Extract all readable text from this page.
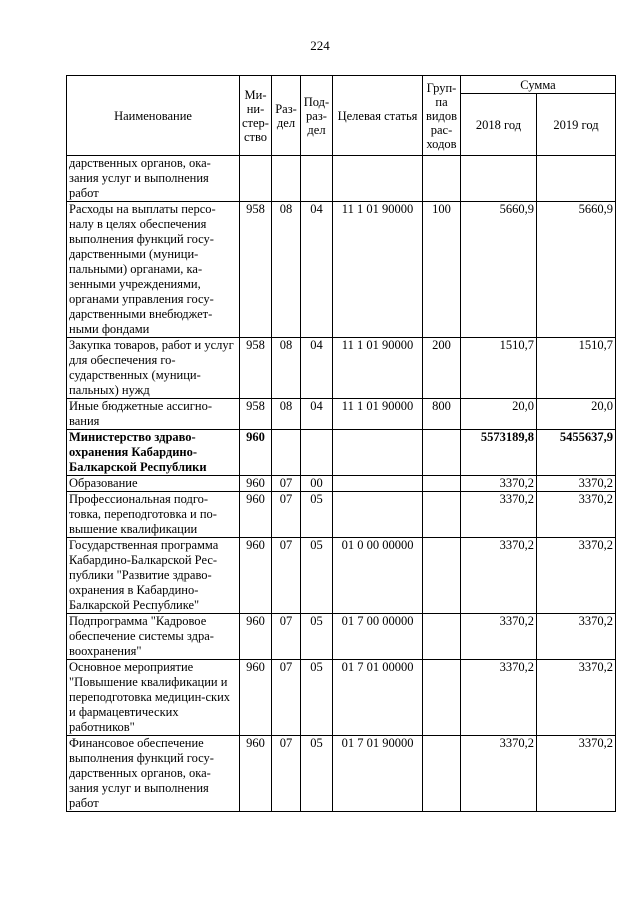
224
Наименование	Ми-ни-стер-ство	Раз-дел	Под-раз-дел	Целевая статья	Груп-па видов рас-ходов	Сумма	
						2018 год	2019 год
дарственных органов, ока-зания услуг и выполнения работ							
Расходы на выплаты персо-налу в целях обеспечения выполнения функций госу-дарственными (муници-пальными) органами, ка-зенными учреждениями, органами управления госу-дарственными внебюджет-ными фондами	958	08	04	11 1 01 90000	100	5660,9	5660,9
Закупка товаров, работ и услуг для обеспечения го-сударственных (муници-пальных) нужд	958	08	04	11 1 01 90000	200	1510,7	1510,7
Иные бюджетные ассигно-вания	958	08	04	11 1 01 90000	800	20,0	20,0
Министерство здраво-охранения Кабардино-Балкарской Республики	960					5573189,8	5455637,9
Образование	960	07	00			3370,2	3370,2
Профессиональная подго-товка, переподготовка и по-вышение квалификации	960	07	05			3370,2	3370,2
Государственная программа Кабардино-Балкарской Рес-публики "Развитие здраво-охранения в Кабардино-Балкарской Республике"	960	07	05	01 0 00 00000		3370,2	3370,2
Подпрограмма "Кадровое обеспечение системы здра-воохранения"	960	07	05	01 7 00 00000		3370,2	3370,2
Основное мероприятие "Повышение квалификации и переподготовка медицин-ских и фармацевтических работников"	960	07	05	01 7 01 00000		3370,2	3370,2
Финансовое обеспечение выполнения функций госу-дарственных органов, ока-зания услуг и выполнения работ	960	07	05	01 7 01 90000		3370,2	3370,2
